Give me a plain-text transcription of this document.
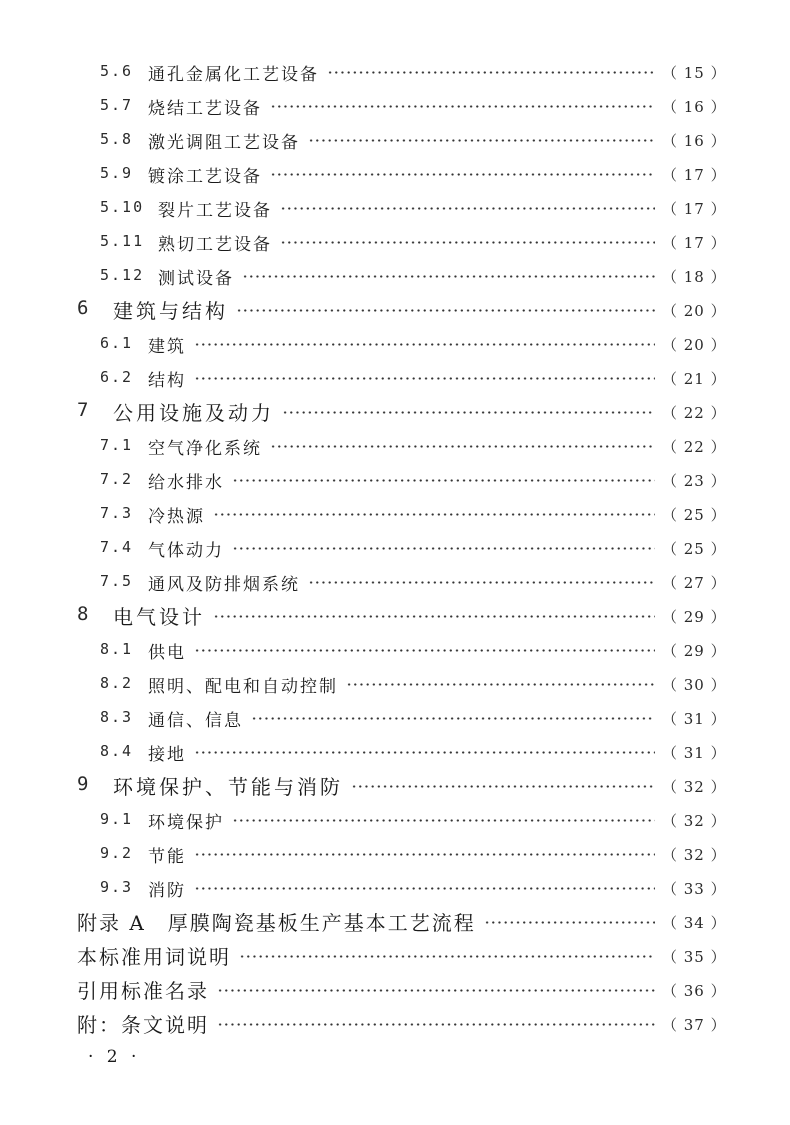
5.6 通孔金属化工艺设备	（ 15 ）
5.7 烧结工艺设备	（ 16 ）
5.8 激光调阻工艺设备	（ 16 ）
5.9 镀涂工艺设备	（ 17 ）
5.10 裂片工艺设备	（ 17 ）
5.11 熟切工艺设备	（ 17 ）
5.12 测试设备	（ 18 ）
6 建筑与结构	（ 20 ）
6.1 建筑	（ 20 ）
6.2 结构	（ 21 ）
7 公用设施及动力	（ 22 ）
7.1 空气净化系统	（ 22 ）
7.2 给水排水	（ 23 ）
7.3 冷热源	（ 25 ）
7.4 气体动力	（ 25 ）
7.5 通风及防排烟系统	（ 27 ）
8 电气设计	（ 29 ）
8.1 供电	（ 29 ）
8.2 照明、配电和自动控制	（ 30 ）
8.3 通信、信息	（ 31 ）
8.4 接地	（ 31 ）
9 环境保护、节能与消防	（ 32 ）
9.1 环境保护	（ 32 ）
9.2 节能	（ 32 ）
9.3 消防	（ 33 ）
附录 A　厚膜陶瓷基板生产基本工艺流程	（ 34 ）
本标准用词说明	（ 35 ）
引用标准名录	（ 36 ）
附：条文说明	（ 37 ）
· 2 ·
